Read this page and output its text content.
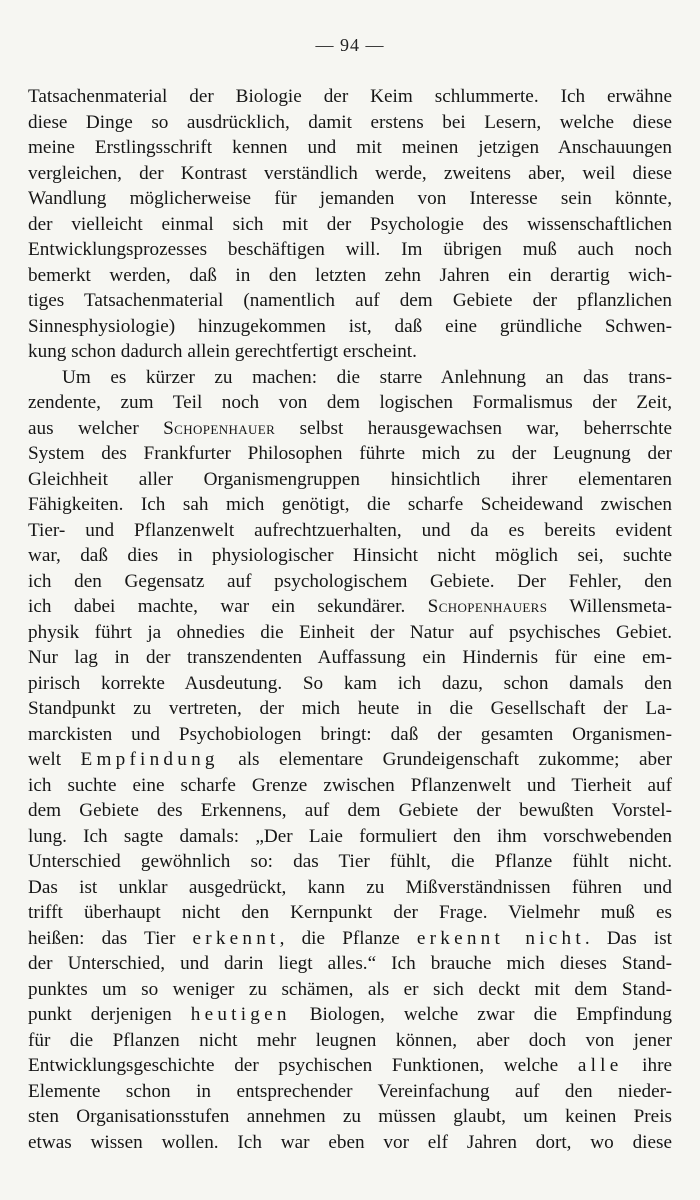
— 94 —
Tatsachenmaterial der Biologie der Keim schlummerte. Ich erwähne
diese Dinge so ausdrücklich, damit erstens bei Lesern, welche diese
meine Erstlingsschrift kennen und mit meinen jetzigen Anschauungen
vergleichen, der Kontrast verständlich werde, zweitens aber, weil diese
Wandlung möglicherweise für jemanden von Interesse sein könnte,
der vielleicht einmal sich mit der Psychologie des wissenschaftlichen
Entwicklungsprozesses beschäftigen will. Im übrigen muß auch noch
bemerkt werden, daß in den letzten zehn Jahren ein derartig wich-
tiges Tatsachenmaterial (namentlich auf dem Gebiete der pflanzlichen
Sinnesphysiologie) hinzugekommen ist, daß eine gründliche Schwen-
kung schon dadurch allein gerechtfertigt erscheint.
Um es kürzer zu machen: die starre Anlehnung an das trans-
zendente, zum Teil noch von dem logischen Formalismus der Zeit,
aus welcher Schopenhauer selbst herausgewachsen war, beherrschte
System des Frankfurter Philosophen führte mich zu der Leugnung der
Gleichheit aller Organismengruppen hinsichtlich ihrer elementaren
Fähigkeiten. Ich sah mich genötigt, die scharfe Scheidewand zwischen
Tier- und Pflanzenwelt aufrechtzuerhalten, und da es bereits evident
war, daß dies in physiologischer Hinsicht nicht möglich sei, suchte
ich den Gegensatz auf psychologischem Gebiete. Der Fehler, den
ich dabei machte, war ein sekundärer. Schopenhauers Willensmeta-
physik führt ja ohnedies die Einheit der Natur auf psychisches Gebiet.
Nur lag in der transzendenten Auffassung ein Hindernis für eine em-
pirisch korrekte Ausdeutung. So kam ich dazu, schon damals den
Standpunkt zu vertreten, der mich heute in die Gesellschaft der La-
marckisten und Psychobiologen bringt: daß der gesamten Organismen-
welt Empfindung als elementare Grundeigenschaft zukomme; aber
ich suchte eine scharfe Grenze zwischen Pflanzenwelt und Tierheit auf
dem Gebiete des Erkennens, auf dem Gebiete der bewußten Vorstel-
lung. Ich sagte damals: „Der Laie formuliert den ihm vorschwebenden
Unterschied gewöhnlich so: das Tier fühlt, die Pflanze fühlt nicht.
Das ist unklar ausgedrückt, kann zu Mißverständnissen führen und
trifft überhaupt nicht den Kernpunkt der Frage. Vielmehr muß es
heißen: das Tier erkennt, die Pflanze erkennt nicht. Das ist
der Unterschied, und darin liegt alles.“ Ich brauche mich dieses Stand-
punktes um so weniger zu schämen, als er sich deckt mit dem Stand-
punkt derjenigen heutigen Biologen, welche zwar die Empfindung
für die Pflanzen nicht mehr leugnen können, aber doch von jener
Entwicklungsgeschichte der psychischen Funktionen, welche alle ihre
Elemente schon in entsprechender Vereinfachung auf den nieder-
sten Organisationsstufen annehmen zu müssen glaubt, um keinen Preis
etwas wissen wollen. Ich war eben vor elf Jahren dort, wo diese
